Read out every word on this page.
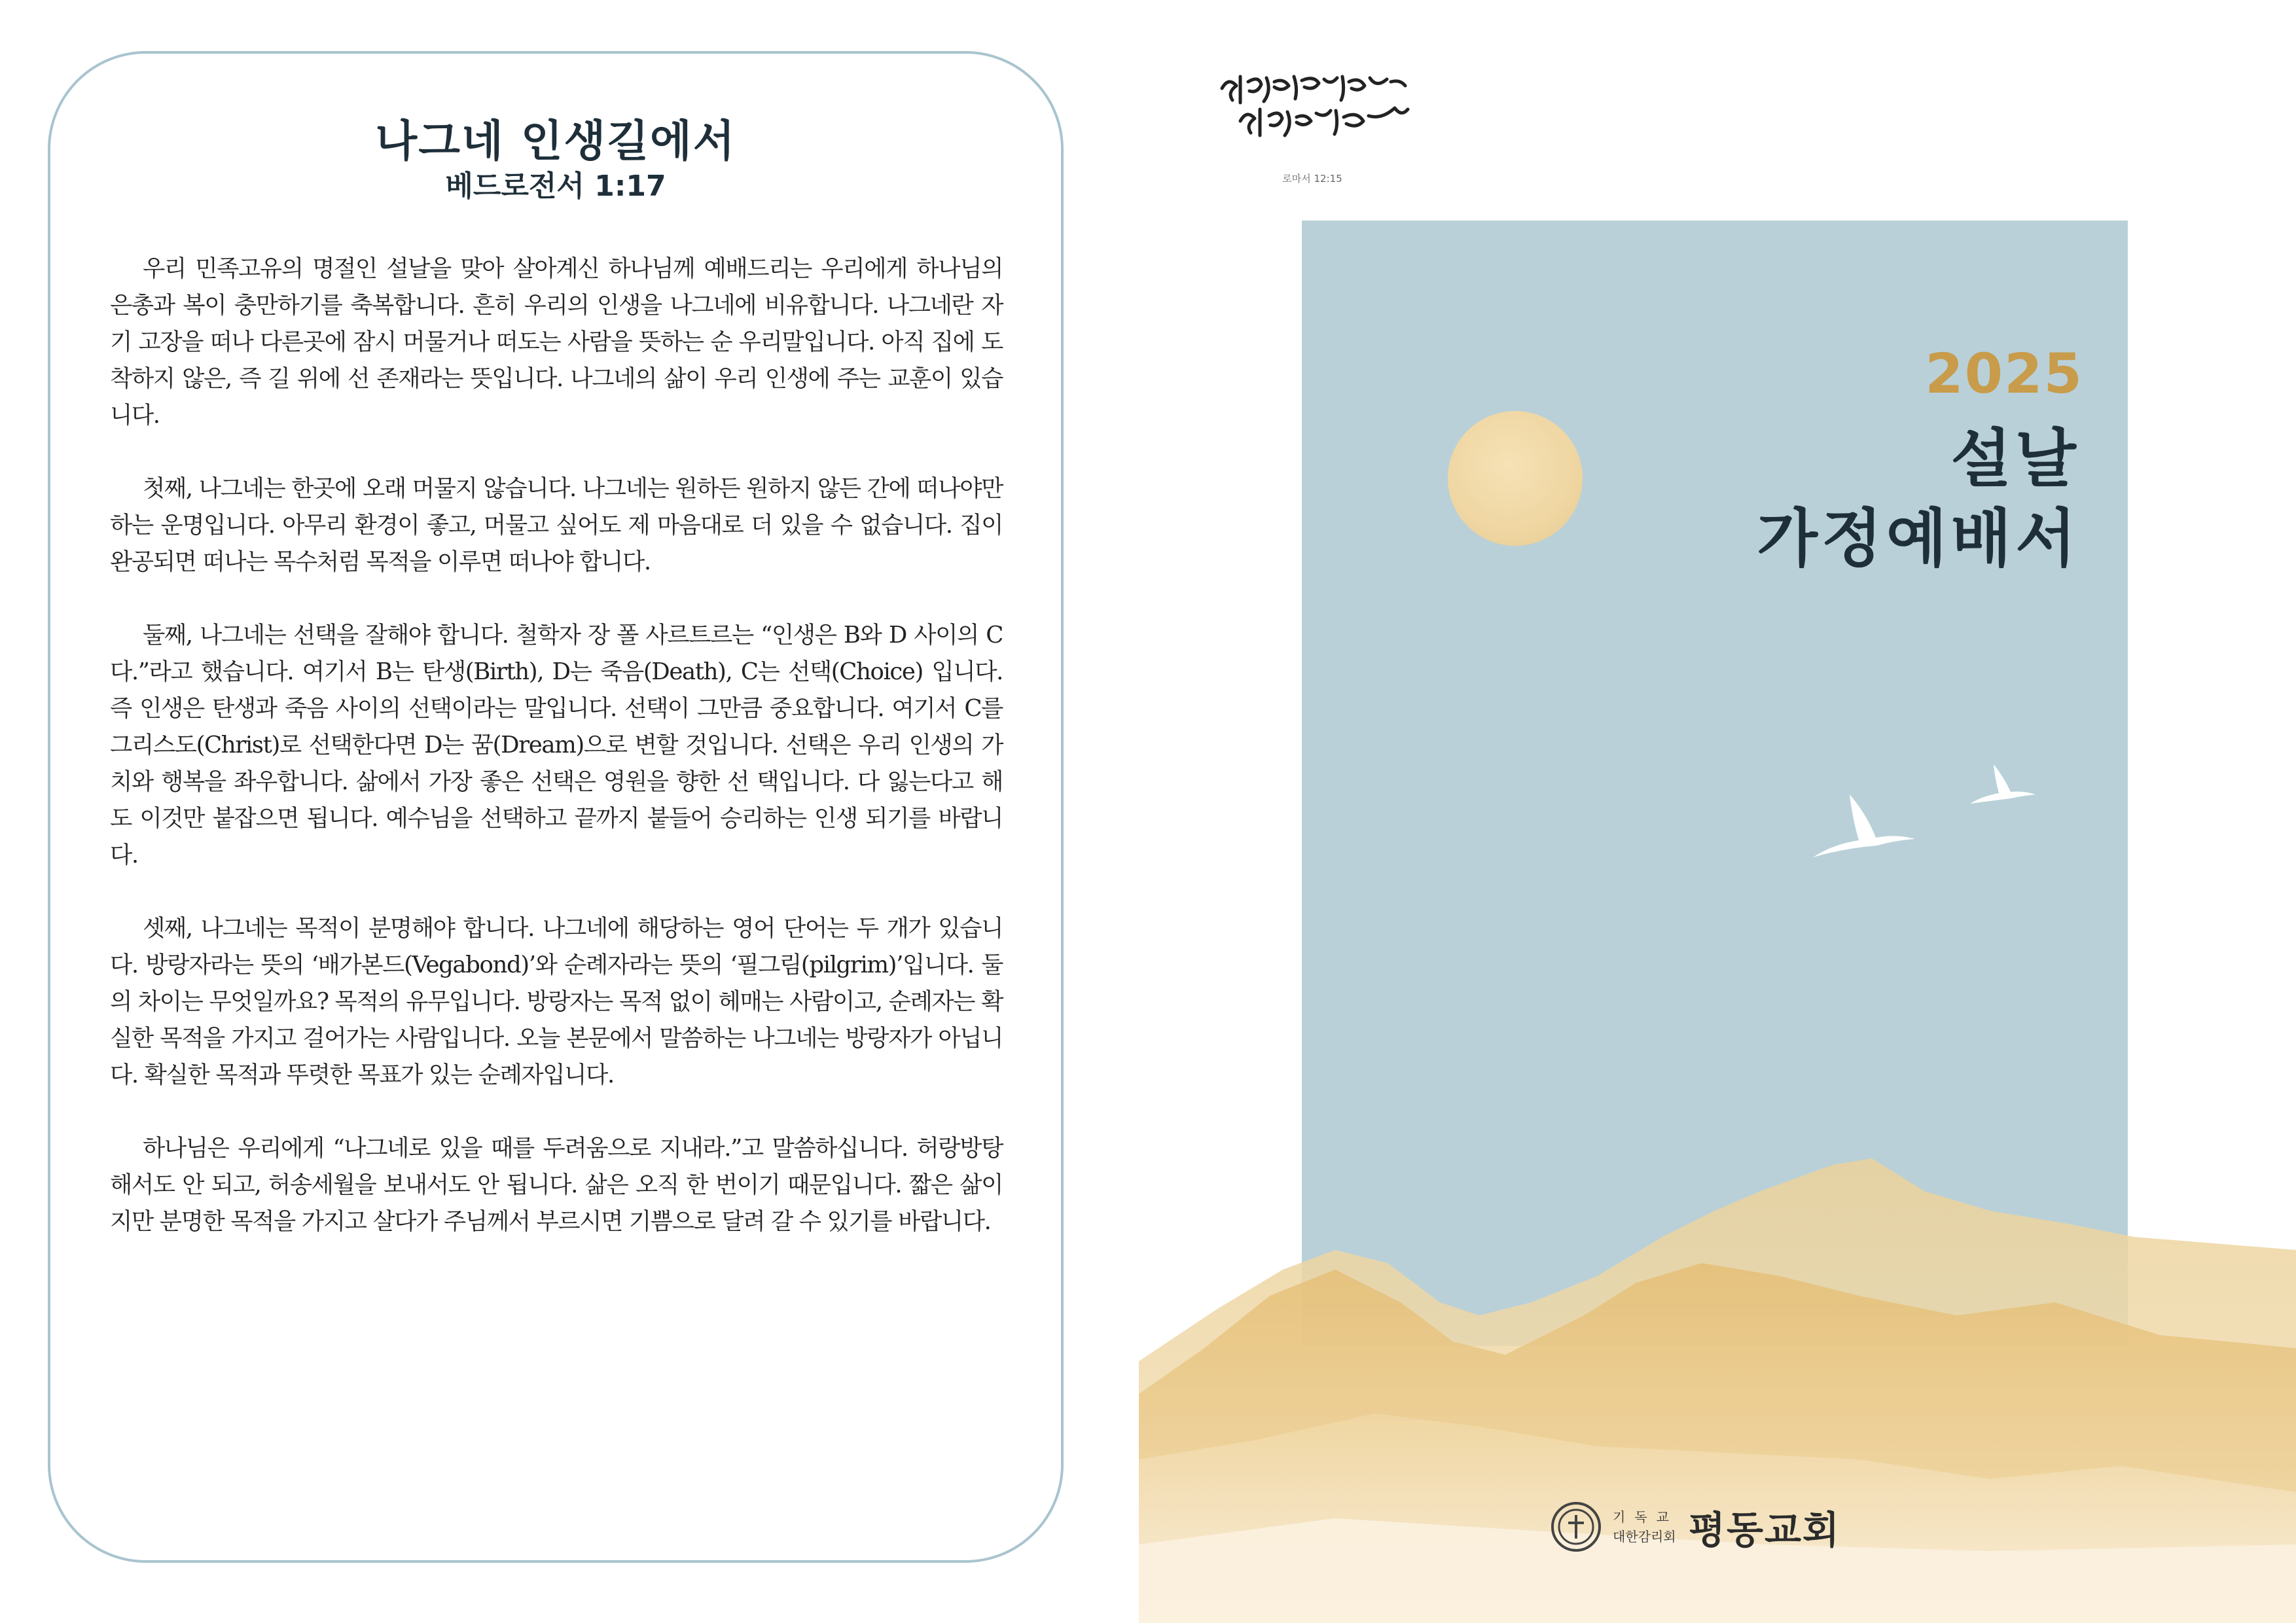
나그네 인생길에서
베드로전서 1:17

우리 민족고유의 명절인 설날을 맞아 살아계신 하나님께 예배드리는 우리에게 하나님의 은총과 복이 충만하기를 축복합니다. 흔히 우리의 인생을 나그네에 비유합니다. 나그네란 자기 고장을 떠나 다른곳에 잠시 머물거나 떠도는 사람을 뜻하는 순 우리말입니다. 아직 집에 도착하지 않은, 즉 길 위에 선 존재라는 뜻입니다. 나그네의 삶이 우리 인생에 주는 교훈이 있습니다.

첫째, 나그네는 한곳에 오래 머물지 않습니다. 나그네는 원하든 원하지 않든 간에 떠나야만 하는 운명입니다. 아무리 환경이 좋고, 머물고 싶어도 제 마음대로 더 있을 수 없습니다. 집이 완공되면 떠나는 목수처럼 목적을 이루면 떠나야 합니다.

둘째, 나그네는 선택을 잘해야 합니다. 철학자 장 폴 사르트르는 “인생은 B와 D 사이의 C다.”라고 했습니다. 여기서 B는 탄생(Birth), D는 죽음(Death), C는 선택(Choice) 입니다. 즉 인생은 탄생과 죽음 사이의 선택이라는 말입니다. 선택이 그만큼 중요합니다. 여기서 C를 그리스도(Christ)로 선택한다면 D는 꿈(Dream)으로 변할 것입니다. 선택은 우리 인생의 가치와 행복을 좌우합니다. 삶에서 가장 좋은 선택은 영원을 향한 선 택입니다. 다 잃는다고 해도 이것만 붙잡으면 됩니다. 예수님을 선택하고 끝까지 붙들어 승리하는 인생 되기를 바랍니다.

셋째, 나그네는 목적이 분명해야 합니다. 나그네에 해당하는 영어 단어는 두 개가 있습니다. 방랑자라는 뜻의 ‘배가본드(Vegabond)’와 순례자라는 뜻의 ‘필그림(pilgrim)’입니다. 둘의 차이는 무엇일까요? 목적의 유무입니다. 방랑자는 목적 없이 헤매는 사람이고, 순례자는 확실한 목적을 가지고 걸어가는 사람입니다. 오늘 본문에서 말씀하는 나그네는 방랑자가 아닙니다. 확실한 목적과 뚜렷한 목표가 있는 순례자입니다.

하나님은 우리에게 “나그네로 있을 때를 두려움으로 지내라.”고 말씀하십니다. 허랑방탕해서도 안 되고, 허송세월을 보내서도 안 됩니다. 삶은 오직 한 번이기 때문입니다. 짧은 삶이지만 분명한 목적을 가지고 살다가 주님께서 부르시면 기쁨으로 달려 갈 수 있기를 바랍니다.

로마서 12:15
2025
설날
가정예배서
기독교
대한감리회 평동교회
